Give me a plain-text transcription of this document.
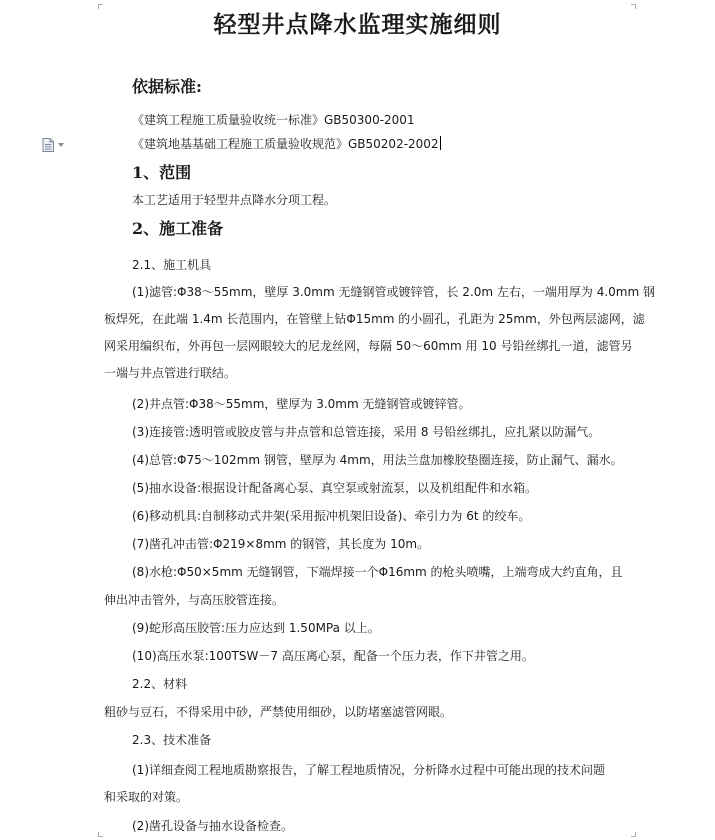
轻型井点降水监理实施细则
依据标准:
《建筑工程施工质量验收统一标准》GB50300-2001
《建筑地基基础工程施工质量验收规范》GB50202-2002
1、范围
本工艺适用于轻型井点降水分项工程。
2、施工准备
2.1、施工机具
(1)滤管:Φ38～55mm，壁厚 3.0mm 无缝钢管或镀锌管，长 2.0m 左右，一端用厚为 4.0mm 钢
板焊死，在此端 1.4m 长范围内，在管壁上钻Φ15mm 的小圆孔，孔距为 25mm，外包两层滤网，滤
网采用编织布，外再包一层网眼较大的尼龙丝网，每隔 50～60mm 用 10 号铅丝绑扎一道，滤管另
一端与井点管进行联结。
(2)井点管:Φ38～55mm，壁厚为 3.0mm 无缝钢管或镀锌管。
(3)连接管:透明管或胶皮管与井点管和总管连接，采用 8 号铅丝绑扎，应扎紧以防漏气。
(4)总管:Φ75～102mm 钢管，壁厚为 4mm，用法兰盘加橡胶垫圈连接，防止漏气、漏水。
(5)抽水设备:根据设计配备离心泵、真空泵或射流泵，以及机组配件和水箱。
(6)移动机具:自制移动式井架(采用振冲机架旧设备)、牵引力为 6t 的绞车。
(7)凿孔冲击管:Φ219×8mm 的钢管，其长度为 10m。
(8)水枪:Φ50×5mm 无缝钢管，下端焊接一个Φ16mm 的枪头喷嘴，上端弯成大约直角，且
伸出冲击管外，与高压胶管连接。
(9)蛇形高压胶管:压力应达到 1.50MPa 以上。
(10)高压水泵:100TSW－7 高压离心泵，配备一个压力表，作下井管之用。
2.2、材料
粗砂与豆石，不得采用中砂，严禁使用细砂，以防堵塞滤管网眼。
2.3、技术准备
(1)详细查阅工程地质勘察报告，了解工程地质情况，分析降水过程中可能出现的技术问题
和采取的对策。
(2)凿孔设备与抽水设备检查。
